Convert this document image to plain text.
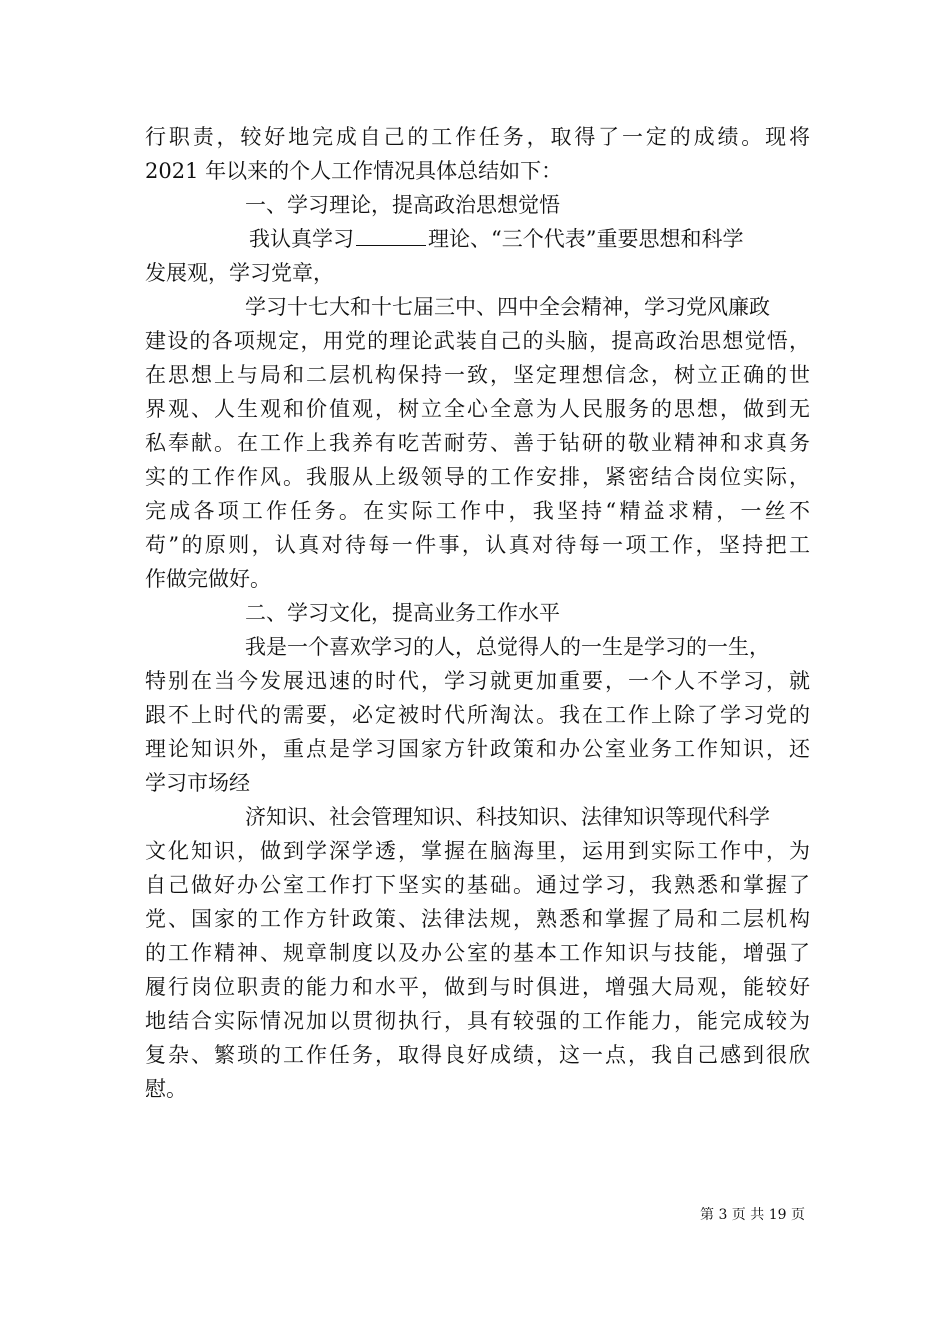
行职责，较好地完成自己的工作任务，取得了一定的成绩。现将
2021 年以来的个人工作情况具体总结如下：
一、学习理论，提高政治思想觉悟
我认真学习	理论、“三个代表”重要思想和科学
发展观，学习党章，
学习十七大和十七届三中、四中全会精神，学习党风廉政
建设的各项规定，用党的理论武装自己的头脑，提高政治思想觉悟，
在思想上与局和二层机构保持一致，坚定理想信念，树立正确的世
界观、人生观和价值观，树立全心全意为人民服务的思想，做到无
私奉献。在工作上我养有吃苦耐劳、善于钻研的敬业精神和求真务
实的工作作风。我服从上级领导的工作安排，紧密结合岗位实际，
完成各项工作任务。在实际工作中，我坚持“精益求精，一丝不
苟”的原则，认真对待每一件事，认真对待每一项工作，坚持把工
作做完做好。
二、学习文化，提高业务工作水平
我是一个喜欢学习的人，总觉得人的一生是学习的一生，
特别在当今发展迅速的时代，学习就更加重要，一个人不学习，就
跟不上时代的需要，必定被时代所淘汰。我在工作上除了学习党的
理论知识外，重点是学习国家方针政策和办公室业务工作知识，还
学习市场经
济知识、社会管理知识、科技知识、法律知识等现代科学
文化知识，做到学深学透，掌握在脑海里，运用到实际工作中，为
自己做好办公室工作打下坚实的基础。通过学习，我熟悉和掌握了
党、国家的工作方针政策、法律法规，熟悉和掌握了局和二层机构
的工作精神、规章制度以及办公室的基本工作知识与技能，增强了
履行岗位职责的能力和水平，做到与时俱进，增强大局观，能较好
地结合实际情况加以贯彻执行，具有较强的工作能力，能完成较为
复杂、繁琐的工作任务，取得良好成绩，这一点，我自己感到很欣
慰。
第 3 页 共 19 页
